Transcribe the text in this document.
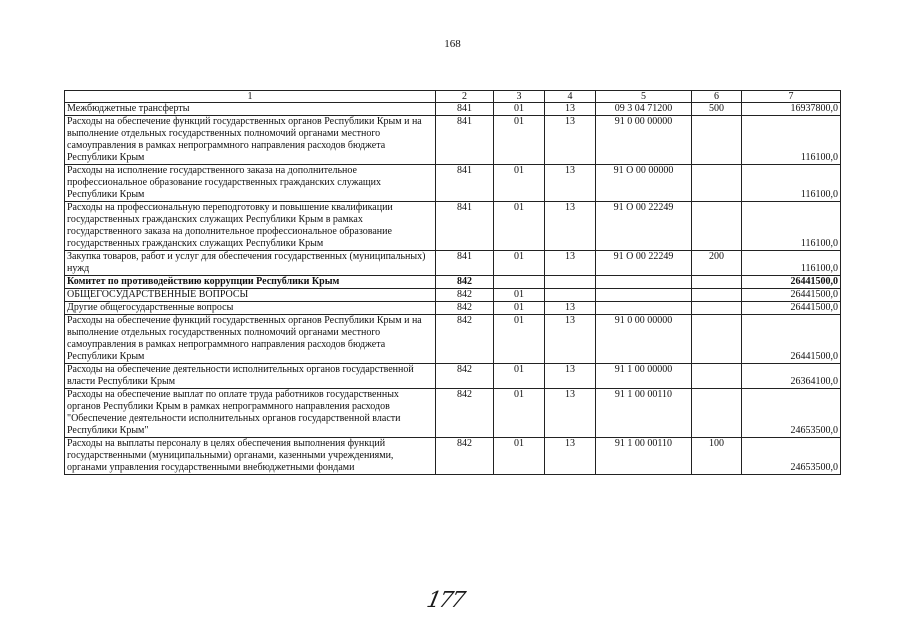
168
1	2	3	4	5	6	7
Межбюджетные трансферты	841	01	13	09 3 04 71200	500	16937800,0
Расходы на обеспечение функций государственных органов Республики Крым и на выполнение отдельных государственных полномочий органами местного самоуправления в рамках непрограммного направления расходов бюджета Республики Крым	841	01	13	91 0 00 00000		116100,0
Расходы на исполнение государственного заказа на дополнительное профессиональное образование государственных гражданских служащих Республики Крым	841	01	13	91 О 00 00000		116100,0
Расходы на профессиональную переподготовку и повышение квалификации государственных гражданских служащих Республики Крым в рамках государственного заказа на дополнительное профессиональное образование государственных гражданских служащих Республики Крым	841	01	13	91 О 00 22249		116100,0
Закупка товаров, работ и услуг для обеспечения государственных (муниципальных) нужд	841	01	13	91 О 00 22249	200	116100,0
Комитет по противодействию коррупции Республики Крым	842					26441500,0
ОБЩЕГОСУДАРСТВЕННЫЕ ВОПРОСЫ	842	01				26441500,0
Другие общегосударственные вопросы	842	01	13			26441500,0
Расходы на обеспечение функций государственных органов Республики Крым и на выполнение отдельных государственных полномочий органами местного самоуправления в рамках непрограммного направления расходов бюджета Республики Крым	842	01	13	91 0 00 00000		26441500,0
Расходы на обеспечение деятельности исполнительных органов государственной власти Республики Крым	842	01	13	91 1 00 00000		26364100,0
Расходы на обеспечение выплат по оплате труда работников государственных органов Республики Крым в рамках непрограммного направления расходов "Обеспечение деятельности исполнительных органов государственной власти Республики Крым"	842	01	13	91 1 00 00110		24653500,0
Расходы на выплаты персоналу в целях обеспечения выполнения функций государственными (муниципальными) органами, казенными учреждениями, органами управления государственными внебюджетными фондами	842	01	13	91 1 00 00110	100	24653500,0
177
